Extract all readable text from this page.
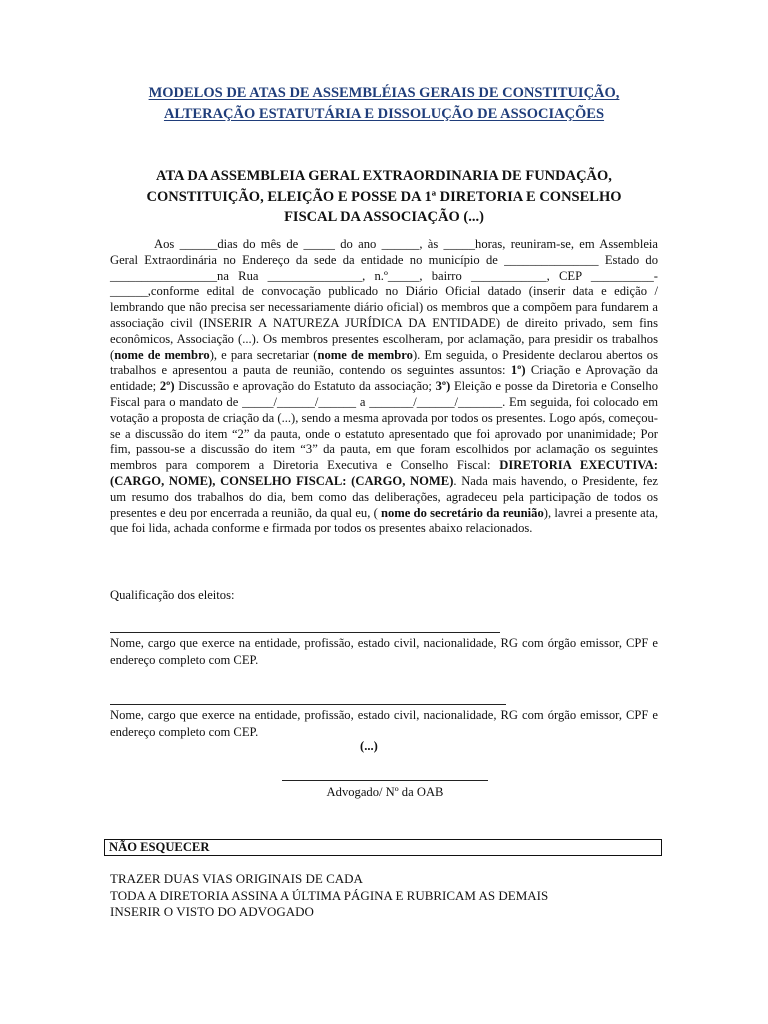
MODELOS DE ATAS DE ASSEMBLÉIAS GERAIS DE CONSTITUIÇÃO,
ALTERAÇÃO ESTATUTÁRIA E DISSOLUÇÃO DE ASSOCIAÇÕES
ATA DA ASSEMBLEIA GERAL EXTRAORDINARIA DE FUNDAÇÃO,
CONSTITUIÇÃO, ELEIÇÃO E POSSE DA 1ª DIRETORIA E CONSELHO
FISCAL DA ASSOCIAÇÃO (...)
Aos ______dias do mês de _____ do ano ______, às _____horas, reuniram-se, em Assembleia Geral Extraordinária no Endereço da sede da entidade no município de _______________ Estado do _________________na Rua _______________, n.º_____, bairro ____________, CEP __________-______,conforme edital de convocação publicado no Diário Oficial datado (inserir data e edição / lembrando que não precisa ser necessariamente diário oficial) os membros que a compõem para fundarem a associação civil (INSERIR A NATUREZA JURÍDICA DA ENTIDADE) de direito privado, sem fins econômicos, Associação (...). Os membros presentes escolheram, por aclamação, para presidir os trabalhos (nome de membro), e para secretariar (nome de membro). Em seguida, o Presidente declarou abertos os trabalhos e apresentou a pauta de reunião, contendo os seguintes assuntos: 1º) Criação e Aprovação da entidade; 2º) Discussão e aprovação do Estatuto da associação; 3º) Eleição e posse da Diretoria e Conselho Fiscal para o mandato de _____/______/______ a _______/______/_______. Em seguida, foi colocado em votação a proposta de criação da (...), sendo a mesma aprovada por todos os presentes. Logo após, começou-se a discussão do item “2” da pauta, onde o estatuto apresentado que foi aprovado por unanimidade; Por fim, passou-se a discussão do item “3” da pauta, em que foram escolhidos por aclamação os seguintes membros para comporem a Diretoria Executiva e Conselho Fiscal: DIRETORIA EXECUTIVA: (CARGO, NOME), CONSELHO FISCAL: (CARGO, NOME). Nada mais havendo, o Presidente, fez um resumo dos trabalhos do dia, bem como das deliberações, agradeceu pela participação de todos os presentes e deu por encerrada a reunião, da qual eu, ( nome do secretário da reunião), lavrei a presente ata, que foi lida, achada conforme e firmada por todos os presentes abaixo relacionados.
Qualificação dos eleitos:
Nome, cargo que exerce na entidade, profissão, estado civil, nacionalidade, RG com órgão emissor, CPF e endereço completo com CEP.
Nome, cargo que exerce na entidade, profissão, estado civil, nacionalidade, RG com órgão emissor, CPF e endereço completo com CEP.
(...)
Advogado/ Nº da OAB
NÃO ESQUECER
TRAZER DUAS VIAS ORIGINAIS DE CADA
TODA A DIRETORIA ASSINA A ÚLTIMA PÁGINA E RUBRICAM AS DEMAIS
INSERIR O VISTO DO ADVOGADO
